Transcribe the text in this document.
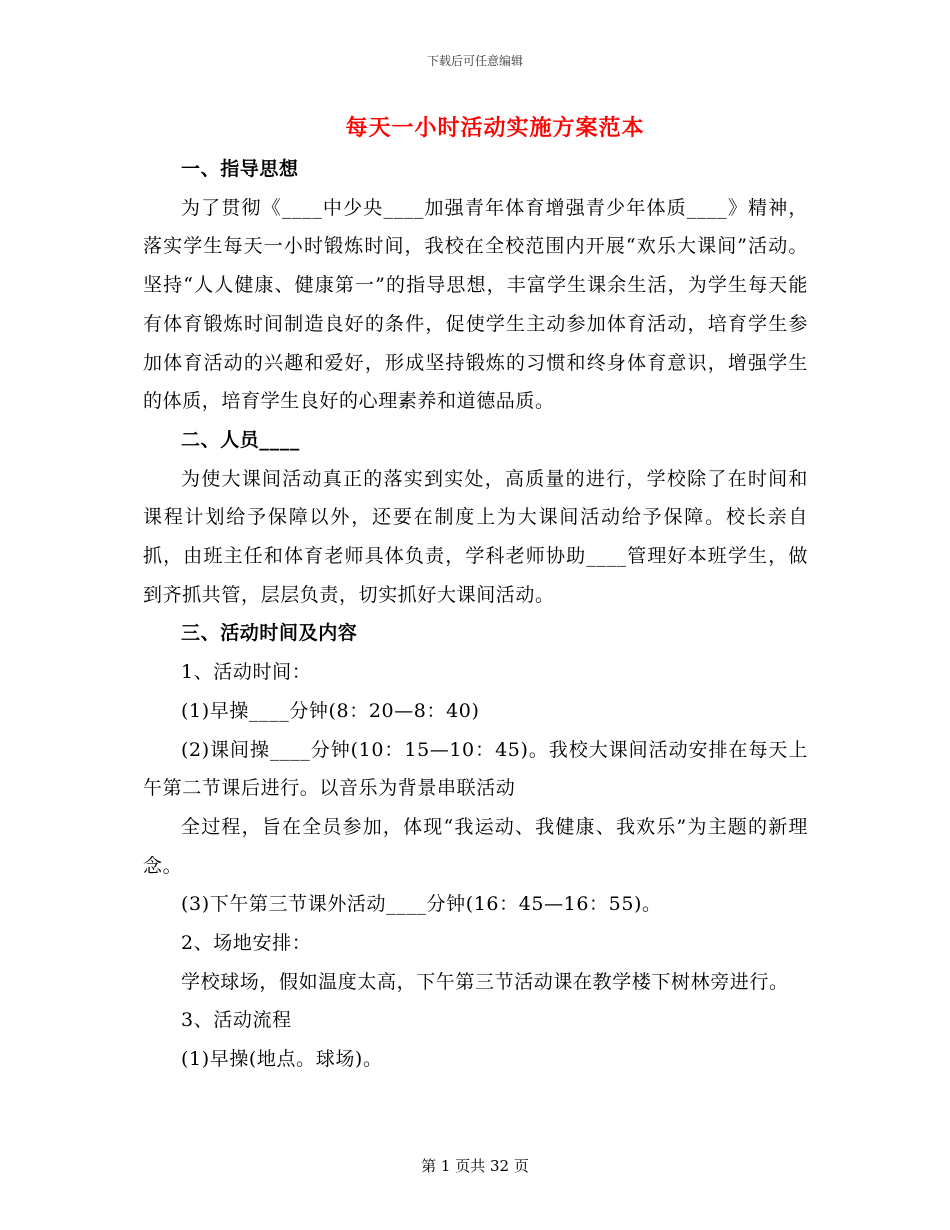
下载后可任意编辑
每天一小时活动实施方案范本

一、指导思想

为了贯彻《____中少央____加强青年体育增强青少年体质____》精神，落实学生每天一小时锻炼时间，我校在全校范围内开展“欢乐大课间”活动。坚持“人人健康、健康第一”的指导思想，丰富学生课余生活，为学生每天能有体育锻炼时间制造良好的条件，促使学生主动参加体育活动，培育学生参加体育活动的兴趣和爱好，形成坚持锻炼的习惯和终身体育意识，增强学生的体质，培育学生良好的心理素养和道德品质。

二、人员____

为使大课间活动真正的落实到实处，高质量的进行，学校除了在时间和课程计划给予保障以外，还要在制度上为大课间活动给予保障。校长亲自抓，由班主任和体育老师具体负责，学科老师协助____管理好本班学生，做到齐抓共管，层层负责，切实抓好大课间活动。

三、活动时间及内容

1、活动时间：

(1)早操____分钟(8：20—8：40)

(2)课间操____分钟(10：15—10：45)。我校大课间活动安排在每天上午第二节课后进行。以音乐为背景串联活动

全过程，旨在全员参加，体现“我运动、我健康、我欢乐”为主题的新理念。

(3)下午第三节课外活动____分钟(16：45—16：55)。

2、场地安排：

学校球场，假如温度太高，下午第三节活动课在教学楼下树林旁进行。

3、活动流程

(1)早操(地点。球场)。

第 1 页共 32 页
